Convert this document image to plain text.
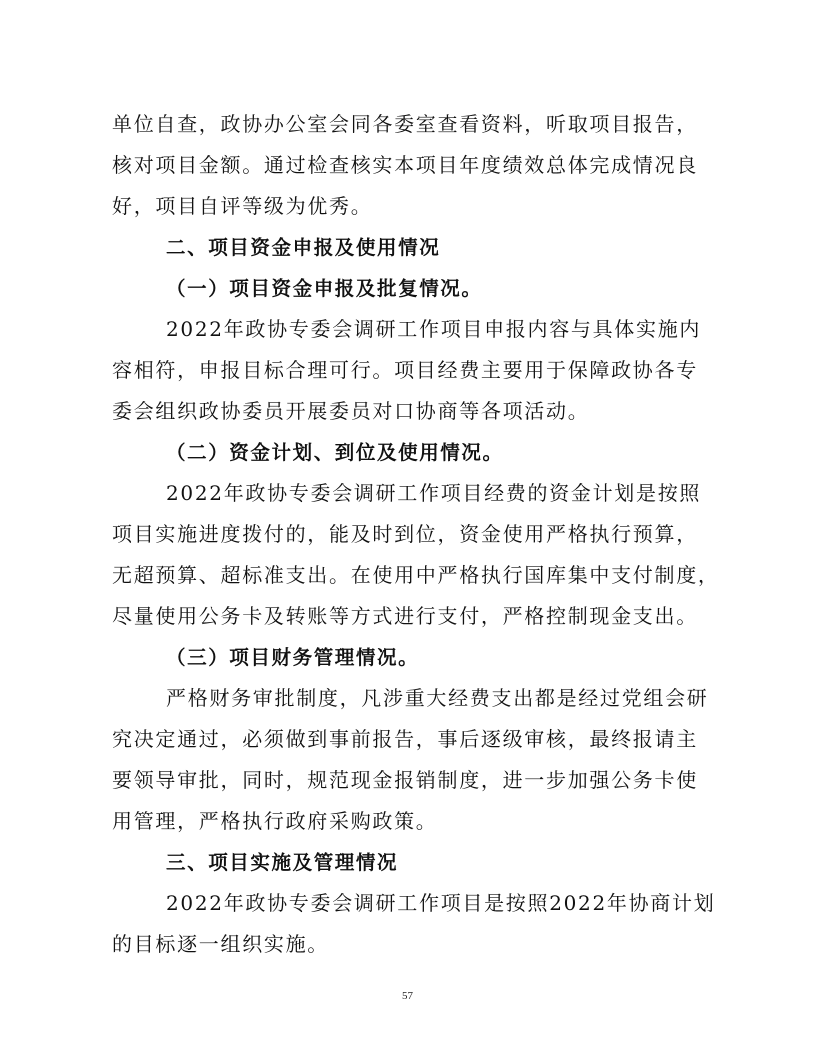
单位自查，政协办公室会同各委室查看资料，听取项目报告，
核对项目金额。通过检查核实本项目年度绩效总体完成情况良
好，项目自评等级为优秀。
二、项目资金申报及使用情况
（一）项目资金申报及批复情况。
2022年政协专委会调研工作项目申报内容与具体实施内
容相符，申报目标合理可行。项目经费主要用于保障政协各专
委会组织政协委员开展委员对口协商等各项活动。
（二）资金计划、到位及使用情况。
2022年政协专委会调研工作项目经费的资金计划是按照
项目实施进度拨付的，能及时到位，资金使用严格执行预算，
无超预算、超标准支出。在使用中严格执行国库集中支付制度，
尽量使用公务卡及转账等方式进行支付，严格控制现金支出。
（三）项目财务管理情况。
严格财务审批制度，凡涉重大经费支出都是经过党组会研
究决定通过，必须做到事前报告，事后逐级审核，最终报请主
要领导审批，同时，规范现金报销制度，进一步加强公务卡使
用管理，严格执行政府采购政策。
三、项目实施及管理情况
2022年政协专委会调研工作项目是按照2022年协商计划
的目标逐一组织实施。
57
